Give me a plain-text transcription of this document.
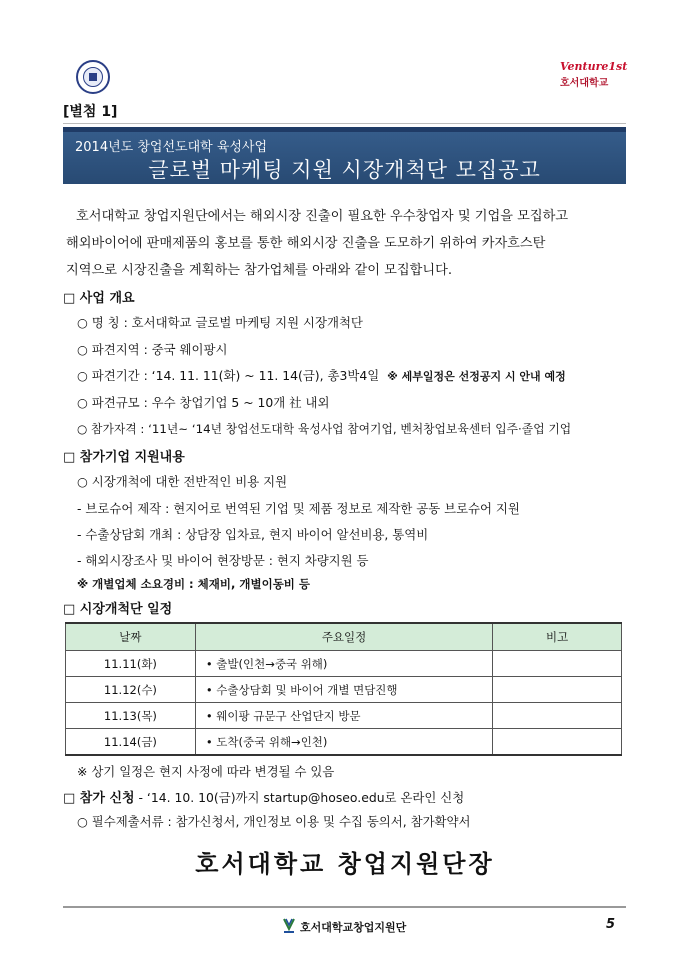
Venture1st
호서대학교
[별첨 1]
2014년도 창업선도대학 육성사업
글로벌 마케팅 지원 시장개척단 모집공고
호서대학교 창업지원단에서는 해외시장 진출이 필요한 우수창업자 및 기업을 모집하고
해외바이어에 판매제품의 홍보를 통한 해외시장 진출을 도모하기 위하여 카자흐스탄
지역으로 시장진출을 계획하는 참가업체를 아래와 같이 모집합니다.
□ 사업 개요
○ 명 칭 : 호서대학교 글로벌 마케팅 지원 시장개척단
○ 파견지역 : 중국 웨이팡시
○ 파견기간 : ‘14. 11. 11(화) ~ 11. 14(금), 총3박4일 ※ 세부일정은 선정공지 시 안내 예정
○ 파견규모 : 우수 창업기업 5 ~ 10개 社 내외
○ 참가자격 : ‘11년~ ‘14년 창업선도대학 육성사업 참여기업, 벤처창업보육센터 입주·졸업 기업
□ 참가기업 지원내용
○ 시장개척에 대한 전반적인 비용 지원
- 브로슈어 제작 : 현지어로 번역된 기업 및 제품 정보로 제작한 공동 브로슈어 지원
- 수출상담회 개최 : 상담장 입차료, 현지 바이어 알선비용, 통역비
- 해외시장조사 및 바이어 현장방문 : 현지 차량지원 등
※ 개별업체 소요경비 : 체재비, 개별이동비 등
□ 시장개척단 일정
날짜	주요일정	비고
11.11(화)	• 출발(인천→중국 위해)	
11.12(수)	• 수출상담회 및 바이어 개별 면담진행	
11.13(목)	• 웨이팡 규문구 산업단지 방문	
11.14(금)	• 도착(중국 위해→인천)	
※ 상기 일정은 현지 사정에 따라 변경될 수 있음
□ 참가 신청 - ‘14. 10. 10(금)까지 startup@hoseo.edu로 온라인 신청
○ 필수제출서류 : 참가신청서, 개인정보 이용 및 수집 동의서, 참가확약서
호서대학교 창업지원단장
호서대학교창업지원단	5
